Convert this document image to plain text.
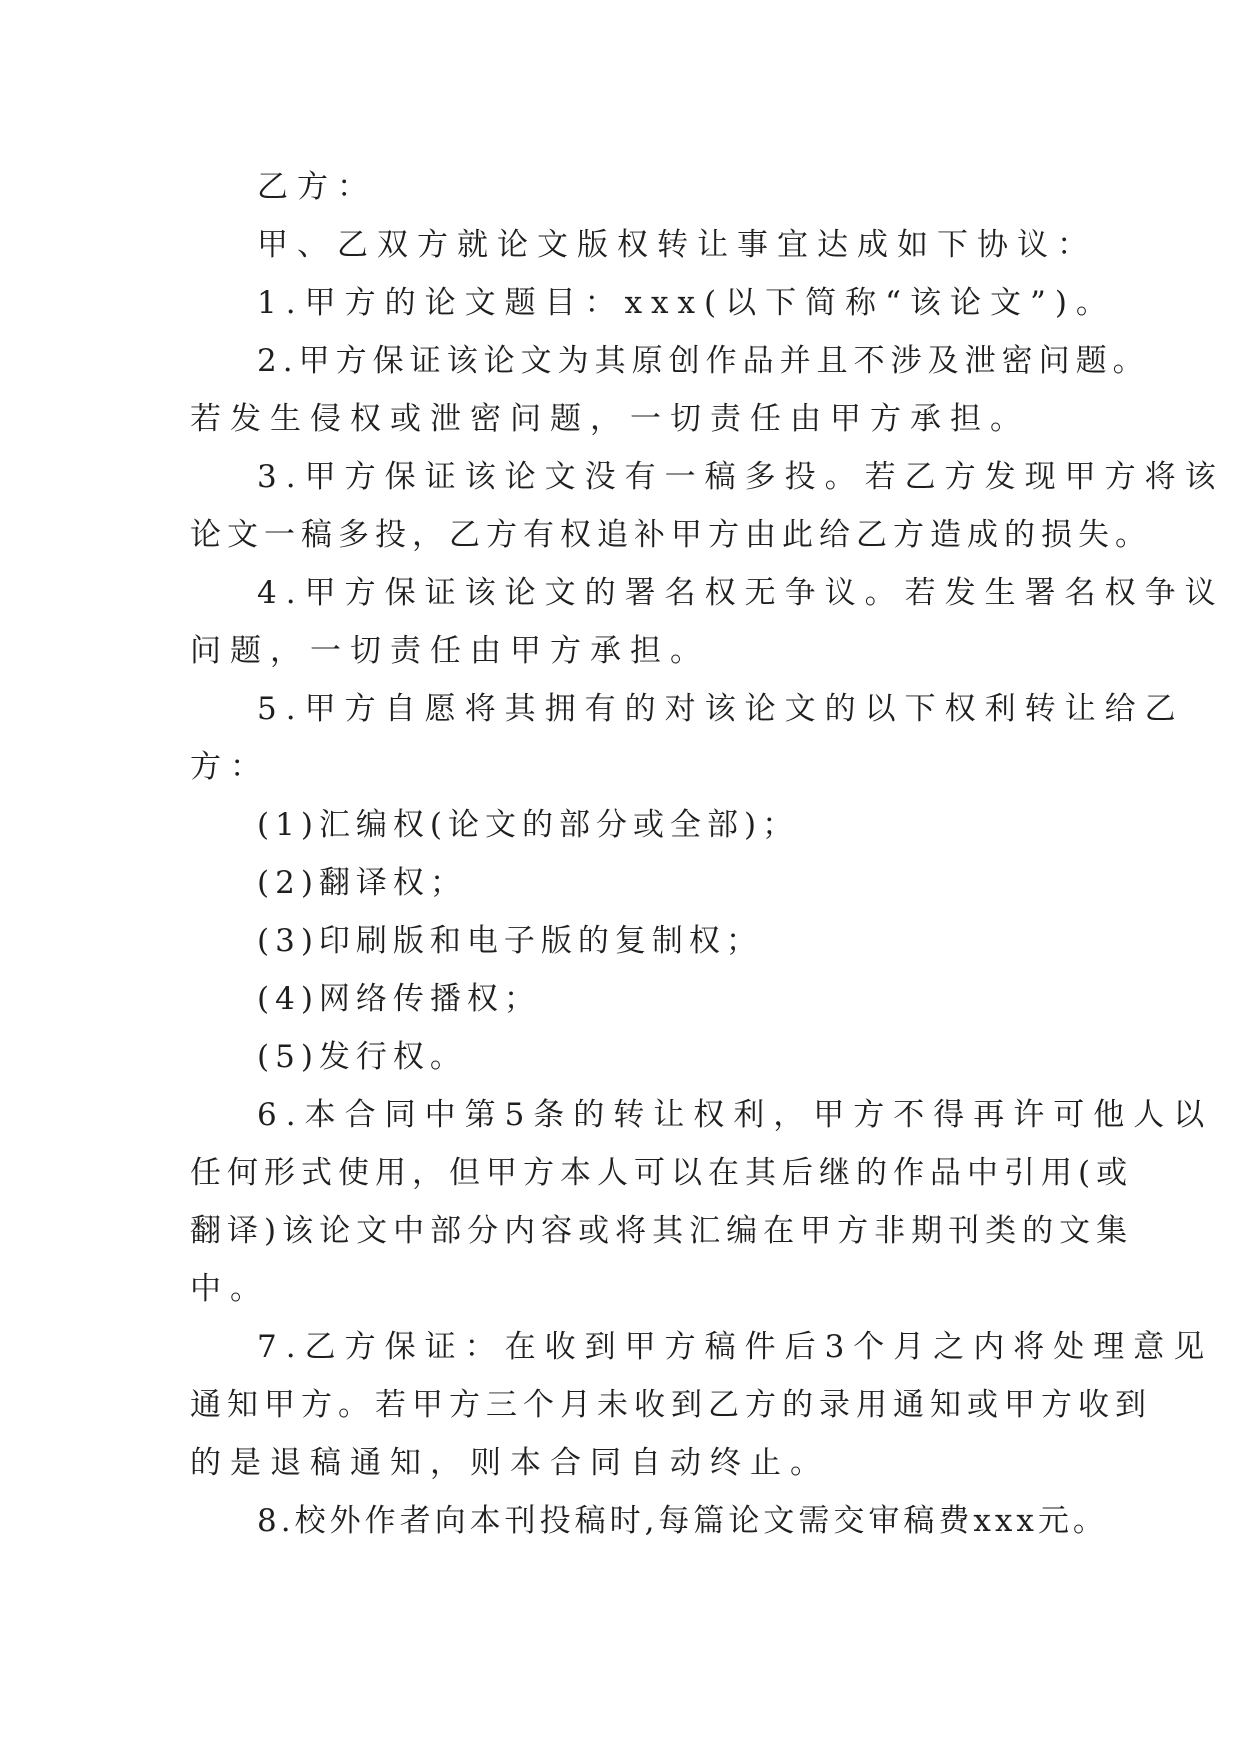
乙方：
甲、乙双方就论文版权转让事宜达成如下协议：
1.甲方的论文题目：xxx(以下简称“该论文”)。
2.甲方保证该论文为其原创作品并且不涉及泄密问题。
若发生侵权或泄密问题，一切责任由甲方承担。
3.甲方保证该论文没有一稿多投。若乙方发现甲方将该
论文一稿多投，乙方有权追补甲方由此给乙方造成的损失。
4.甲方保证该论文的署名权无争议。若发生署名权争议
问题，一切责任由甲方承担。
5.甲方自愿将其拥有的对该论文的以下权利转让给乙
方：
(1)汇编权(论文的部分或全部)；
(2)翻译权；
(3)印刷版和电子版的复制权；
(4)网络传播权；
(5)发行权。
6.本合同中第5条的转让权利，甲方不得再许可他人以
任何形式使用，但甲方本人可以在其后继的作品中引用(或
翻译)该论文中部分内容或将其汇编在甲方非期刊类的文集
中。
7.乙方保证：在收到甲方稿件后3个月之内将处理意见
通知甲方。若甲方三个月未收到乙方的录用通知或甲方收到
的是退稿通知，则本合同自动终止。
8.校外作者向本刊投稿时,每篇论文需交审稿费xxx元。
